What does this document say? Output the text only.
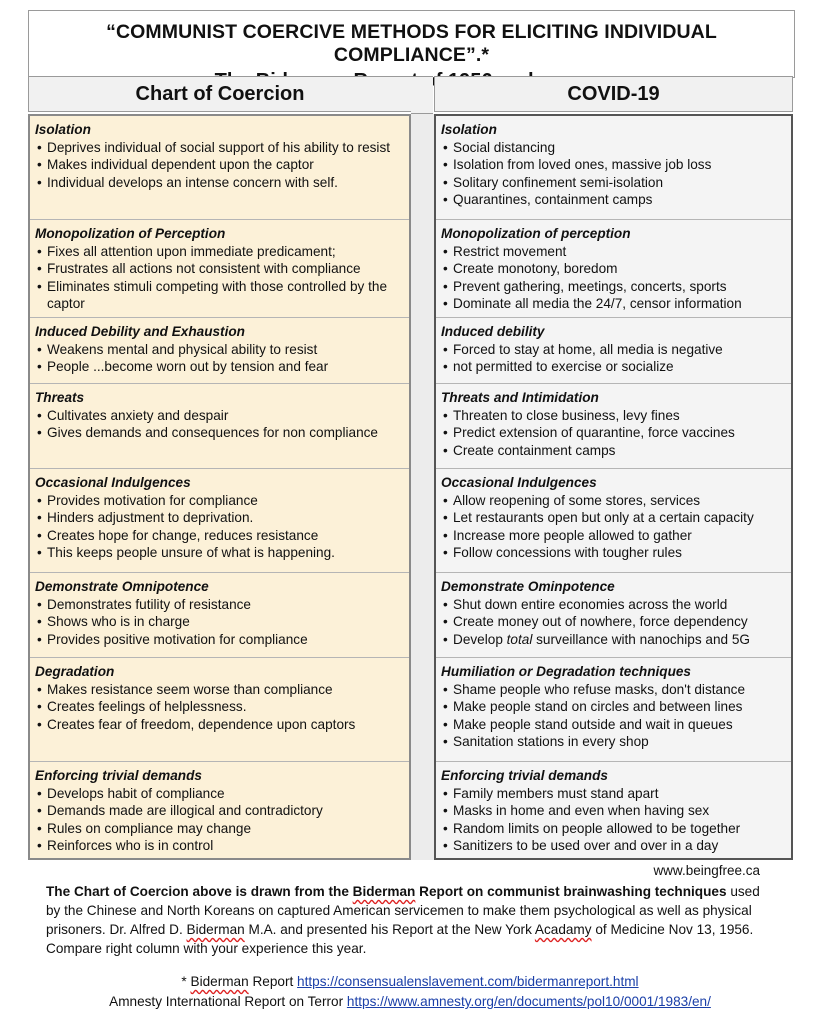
“COMMUNIST COERCIVE METHODS FOR ELICITING INDIVIDUAL COMPLIANCE”.*
Chart of Coercion	COVID-19
Isolation
• Deprives individual of social support of his ability to resist
• Makes individual dependent upon the captor
• Individual develops an intense concern with self.
Monopolization of Perception
• Fixes all attention upon immediate predicament;
• Frustrates all actions not consistent with compliance
• Eliminates stimuli competing with those controlled by the captor
Induced Debility and Exhaustion
• Weakens mental and physical ability to resist
• People ...become worn out by tension and fear
Threats
• Cultivates anxiety and despair
• Gives demands and consequences for non compliance
Occasional Indulgences
• Provides motivation for compliance
• Hinders adjustment to deprivation.
• Creates hope for change, reduces resistance
• This keeps people unsure of what is happening.
Demonstrate Omnipotence
• Demonstrates futility of resistance
• Shows who is in charge
• Provides positive motivation for compliance
Degradation
• Makes resistance seem worse than compliance
• Creates feelings of helplessness.
• Creates fear of freedom, dependence upon captors
Enforcing trivial demands
• Develops habit of compliance
• Demands made are illogical and contradictory
• Rules on compliance may change
• Reinforces who is in control
Isolation
• Social distancing
• Isolation from loved ones, massive job loss
• Solitary confinement semi-isolation
• Quarantines, containment camps
Monopolization of perception
• Restrict movement
• Create monotony, boredom
• Prevent gathering, meetings, concerts, sports
• Dominate all media the 24/7, censor information
Induced debility
• Forced to stay at home, all media is negative
• not permitted to exercise or socialize
Threats and Intimidation
• Threaten to close business, levy fines
• Predict extension of quarantine, force vaccines
• Create containment camps
Occasional Indulgences
• Allow reopening of some stores, services
• Let restaurants open but only at a certain capacity
• Increase more people allowed to gather
• Follow concessions with tougher rules
Demonstrate Ominpotence
• Shut down entire economies across the world
• Create money out of nowhere, force dependency
• Develop total surveillance with nanochips and 5G
Humiliation or Degradation techniques
• Shame people who refuse masks, don't distance
• Make people stand on circles and between lines
• Make people stand outside and wait in queues
• Sanitation stations in every shop
Enforcing trivial demands
• Family members must stand apart
• Masks in home and even when having sex
• Random limits on people allowed to be together
• Sanitizers to be used over and over in a day
www.beingfree.ca
The Chart of Coercion above is drawn from the Biderman Report on communist brainwashing techniques used by the Chinese and North Koreans on captured American servicemen to make them psychological as well as physical prisoners. Dr. Alfred D. Biderman M.A. and presented his Report at the New York Acadamy of Medicine Nov 13, 1956. Compare right column with your experience this year.
* Biderman Report https://consensualenslavement.com/bidermanreport.html
Amnesty International Report on Terror https://www.amnesty.org/en/documents/pol10/0001/1983/en/
